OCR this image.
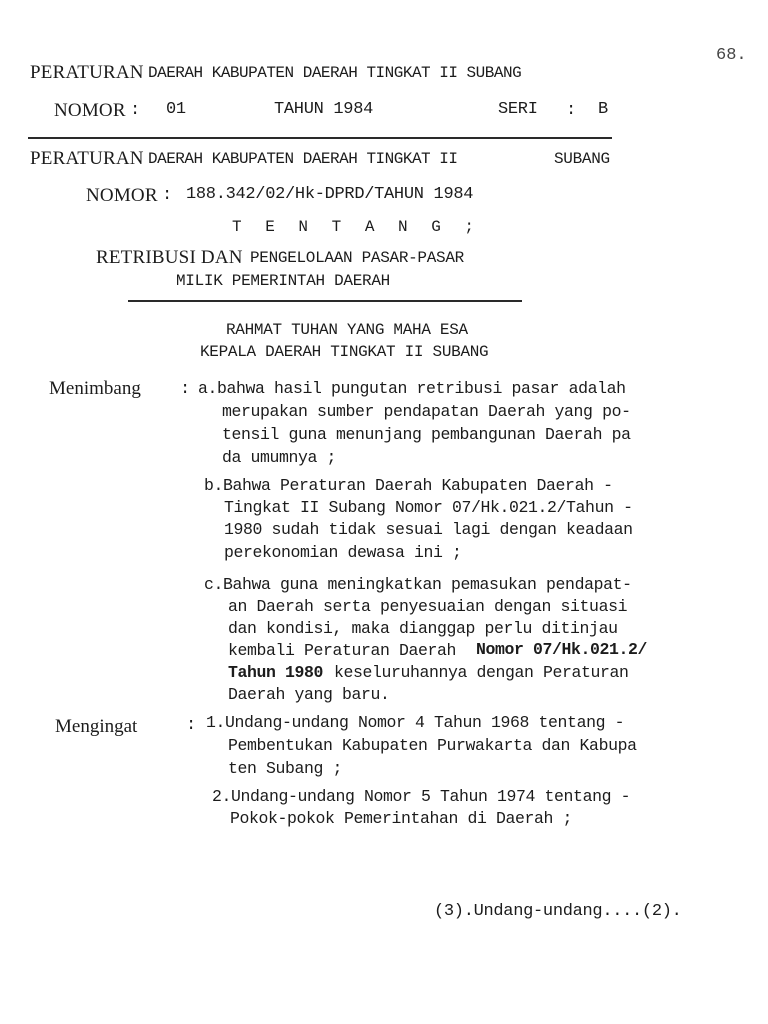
68.
PERATURAN DAERAH KABUPATEN DAERAH TINGKAT II SUBANG
NOMOR : 01	TAHUN 1984	SERI : B
PERATURAN DAERAH KABUPATEN DAERAH TINGKAT II	SUBANG
NOMOR : 188.342/02/Hk-DPRD/TAHUN 1984
T E N T A N G ;
RETRIBUSI DAN PENGELOLAAN PASAR-PASAR
MILIK PEMERINTAH DAERAH
RAHMAT TUHAN YANG MAHA ESA
KEPALA DAERAH TINGKAT II SUBANG
Menimbang : a.bahwa hasil pungutan retribusi pasar adalah
merupakan sumber pendapatan Daerah yang po-
tensil guna menunjang pembangunan Daerah pa
da umumnya ;
b.Bahwa Peraturan Daerah Kabupaten Daerah -
Tingkat II Subang Nomor 07/Hk.021.2/Tahun -
1980 sudah tidak sesuai lagi dengan keadaan
perekonomian dewasa ini ;
c.Bahwa guna meningkatkan pemasukan pendapat-
an Daerah serta penyesuaian dengan situasi
dan kondisi, maka dianggap perlu ditinjau
kembali Peraturan Daerah Nomor 07/Hk.021.2/
Tahun 1980 keseluruhannya dengan Peraturan
Daerah yang baru.
Mengingat	: 1.Undang-undang Nomor 4 Tahun 1968 tentang -
Pembentukan Kabupaten Purwakarta dan Kabupa
ten Subang ;
2.Undang-undang Nomor 5 Tahun 1974 tentang -
Pokok-pokok Pemerintahan di Daerah ;
(3).Undang-undang....(2).
